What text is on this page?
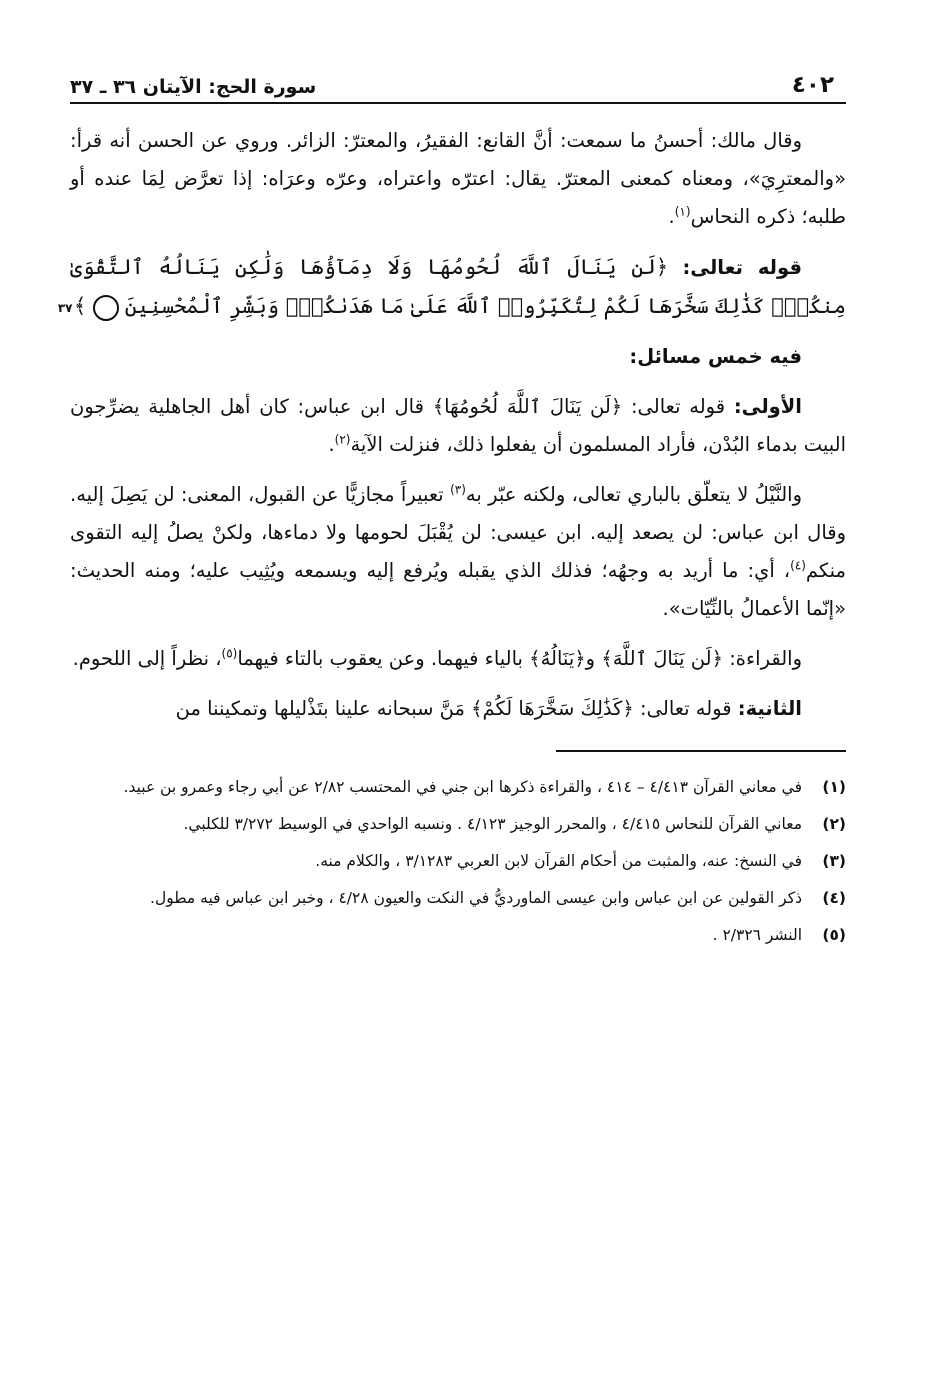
٤٠٢
سورة الحج: الآيتان ٣٦ ـ ٣٧

وقال مالك: أحسنُ ما سمعت: أنَّ القانع: الفقيرُ، والمعترّ: الزائر. وروي عن الحسن أنه قرأ: «والمعترِيَ»، ومعناه كمعنى المعترّ. يقال: اعترّه واعتراه، وعرّه وعرَاه: إذا تعرَّض لِمَا عنده أو طلبه؛ ذكره النحاس$^{(١)}$.

قوله تعالى: ﴿لَن يَنَالَ ٱللَّهَ لُحُومُهَا وَلَا دِمَآؤُهَا وَلَٰكِن يَنَالُهُ ٱلتَّقْوَىٰ مِنكُمْۚ كَذَٰلِكَ سَخَّرَهَا لَكُمْ لِتُكَبِّرُوا۟ ٱللَّهَ عَلَىٰ مَا هَدَىٰكُمْۗ وَبَشِّرِ ٱلْمُحْسِنِينَ ٣٧ ﴾

فيه خمس مسائل:

الأولى: قوله تعالى: ﴿لَن يَنَالَ ٱللَّهَ لُحُومُهَا﴾ قال ابن عباس: كان أهل الجاهلية يضرِّجون البيت بدماء البُدْن، فأراد المسلمون أن يفعلوا ذلك، فنزلت الآية$^{(٢)}$.

والنَّيْلُ لا يتعلّق بالباري تعالى، ولكنه عبّر به$^{(٣)}$ تعبيراً مجازيًّا عن القبول، المعنى: لن يَصِلَ إليه. وقال ابن عباس: لن يصعد إليه. ابن عيسى: لن يُقْبَلَ لحومها ولا دماءها، ولكنْ يصلُ إليه التقوى منكم$^{(٤)}$، أي: ما أريد به وجهُه؛ فذلك الذي يقبله ويُرفع إليه ويسمعه ويُثِيب عليه؛ ومنه الحديث: «إنّما الأعمالُ بالنِّيّات».

والقراءة: ﴿لَن يَنَالَ ٱللَّهَ﴾ و﴿يَنَالُهُ﴾ بالياء فيهما. وعن يعقوب بالتاء فيهما$^{(٥)}$، نظراً إلى اللحوم.

الثانية: قوله تعالى: ﴿كَذَٰلِكَ سَخَّرَهَا لَكُمْ﴾ مَنَّ سبحانه علينا بتَذْليلها وتمكيننا من

(١)
في معاني القرآن ٤/٤١٣ – ٤١٤ ، والقراءة ذكرها ابن جني في المحتسب ٢/٨٢ عن أبي رجاء وعمرو بن عبيد.
(٢)
معاني القرآن للنحاس ٤/٤١٥ ، والمحرر الوجيز ٤/١٢٣ . ونسبه الواحدي في الوسيط ٣/٢٧٢ للكلبي.
(٣)
في النسخ: عنه، والمثبت من أحكام القرآن لابن العربي ٣/١٢٨٣ ، والكلام منه.
(٤)
ذكر القولين عن ابن عباس وابن عيسى الماورديُّ في النكت والعيون ٤/٢٨ ، وخبر ابن عباس فيه مطول.
(٥)
النشر ٢/٣٢٦ .
